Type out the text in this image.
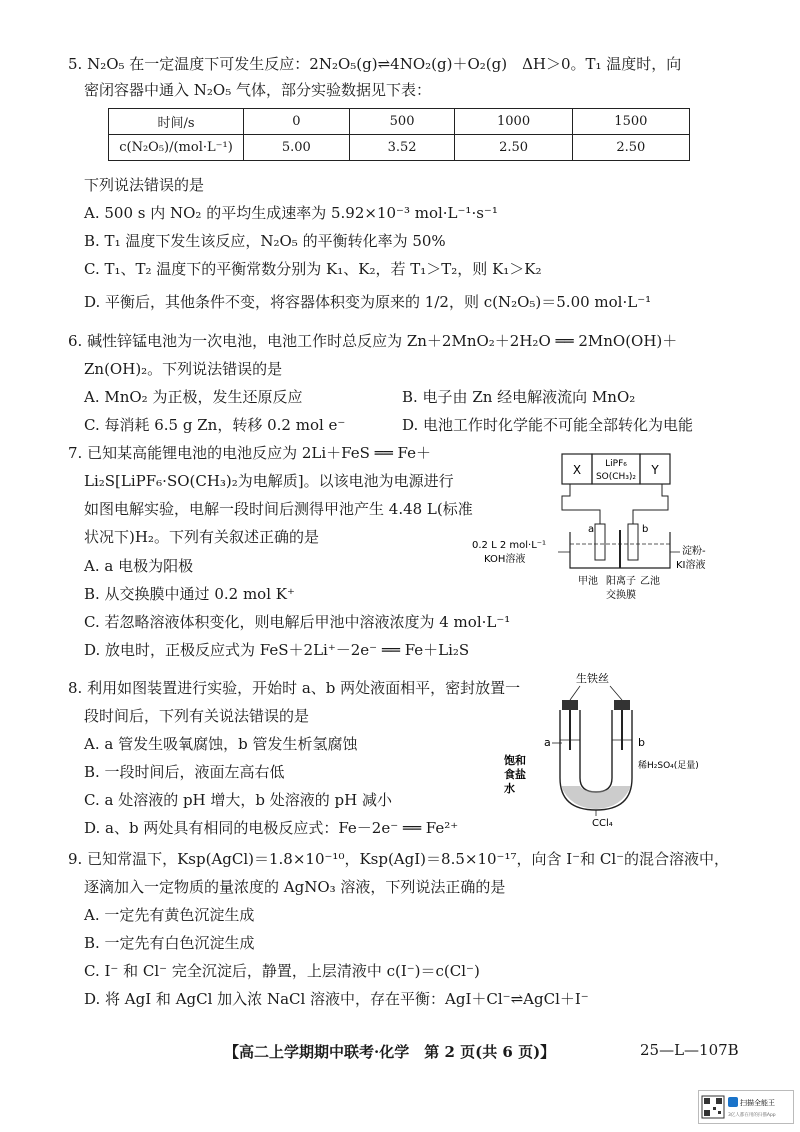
5. N₂O₅ 在一定温度下可发生反应：2N₂O₅(g)⇌4NO₂(g)＋O₂(g)　ΔH＞0。T₁ 温度时，向
密闭容器中通入 N₂O₅ 气体，部分实验数据见下表：
时间/s	0	500	1000	1500
c(N₂O₅)/(mol·L⁻¹)	5.00	3.52	2.50	2.50
下列说法错误的是
A. 500 s 内 NO₂ 的平均生成速率为 5.92×10⁻³ mol·L⁻¹·s⁻¹
B. T₁ 温度下发生该反应，N₂O₅ 的平衡转化率为 50%
C. T₁、T₂ 温度下的平衡常数分别为 K₁、K₂，若 T₁＞T₂，则 K₁＞K₂
D. 平衡后，其他条件不变，将容器体积变为原来的 1/2，则 c(N₂O₅)＝5.00 mol·L⁻¹
6. 碱性锌锰电池为一次电池，电池工作时总反应为 Zn＋2MnO₂＋2H₂O ══ 2MnO(OH)＋
Zn(OH)₂。下列说法错误的是
A. MnO₂ 为正极，发生还原反应	B. 电子由 Zn 经电解液流向 MnO₂
C. 每消耗 6.5 g Zn，转移 0.2 mol e⁻	D. 电池工作时化学能不可能全部转化为电能
7. 已知某高能锂电池的电池反应为 2Li＋FeS ══ Fe＋
Li₂S[LiPF₆·SO(CH₃)₂为电解质]。以该电池为电源进行
如图电解实验，电解一段时间后测得甲池产生 4.48 L(标准
状况下)H₂。下列有关叙述正确的是
A. a 电极为阳极
B. 从交换膜中通过 0.2 mol K⁺
C. 若忽略溶液体积变化，则电解后甲池中溶液浓度为 4 mol·L⁻¹
D. 放电时，正极反应式为 FeS＋2Li⁺－2e⁻ ══ Fe＋Li₂S
X	LiPF₆
SO(CH₃)₂ Y
a	b
0.2 L 2 mol·L⁻¹
KOH溶液
淀粉-
KI溶液
甲池 阳离子 乙池
交换膜
8. 利用如图装置进行实验，开始时 a、b 两处液面相平，密封放置一
段时间后，下列有关说法错误的是
A. a 管发生吸氧腐蚀，b 管发生析氢腐蚀
B. 一段时间后，液面左高右低
C. a 处溶液的 pH 增大，b 处溶液的 pH 减小
D. a、b 两处具有相同的电极反应式：Fe－2e⁻ ══ Fe²⁺
生铁丝
a	b
饱和
食盐
水
稀H₂SO₄(足量)
CCl₄
9. 已知常温下，Ksp(AgCl)＝1.8×10⁻¹⁰，Ksp(AgI)＝8.5×10⁻¹⁷，向含 I⁻和 Cl⁻的混合溶液中，
逐滴加入一定物质的量浓度的 AgNO₃ 溶液，下列说法正确的是
A. 一定先有黄色沉淀生成
B. 一定先有白色沉淀生成
C. I⁻ 和 Cl⁻ 完全沉淀后，静置，上层清液中 c(I⁻)＝c(Cl⁻)
D. 将 AgI 和 AgCl 加入浓 NaCl 溶液中，存在平衡：AgI＋Cl⁻⇌AgCl＋I⁻
【高二上学期期中联考·化学　第 2 页(共 6 页)】	25—L—107B
扫描全能王
3亿人都在用的扫描App
